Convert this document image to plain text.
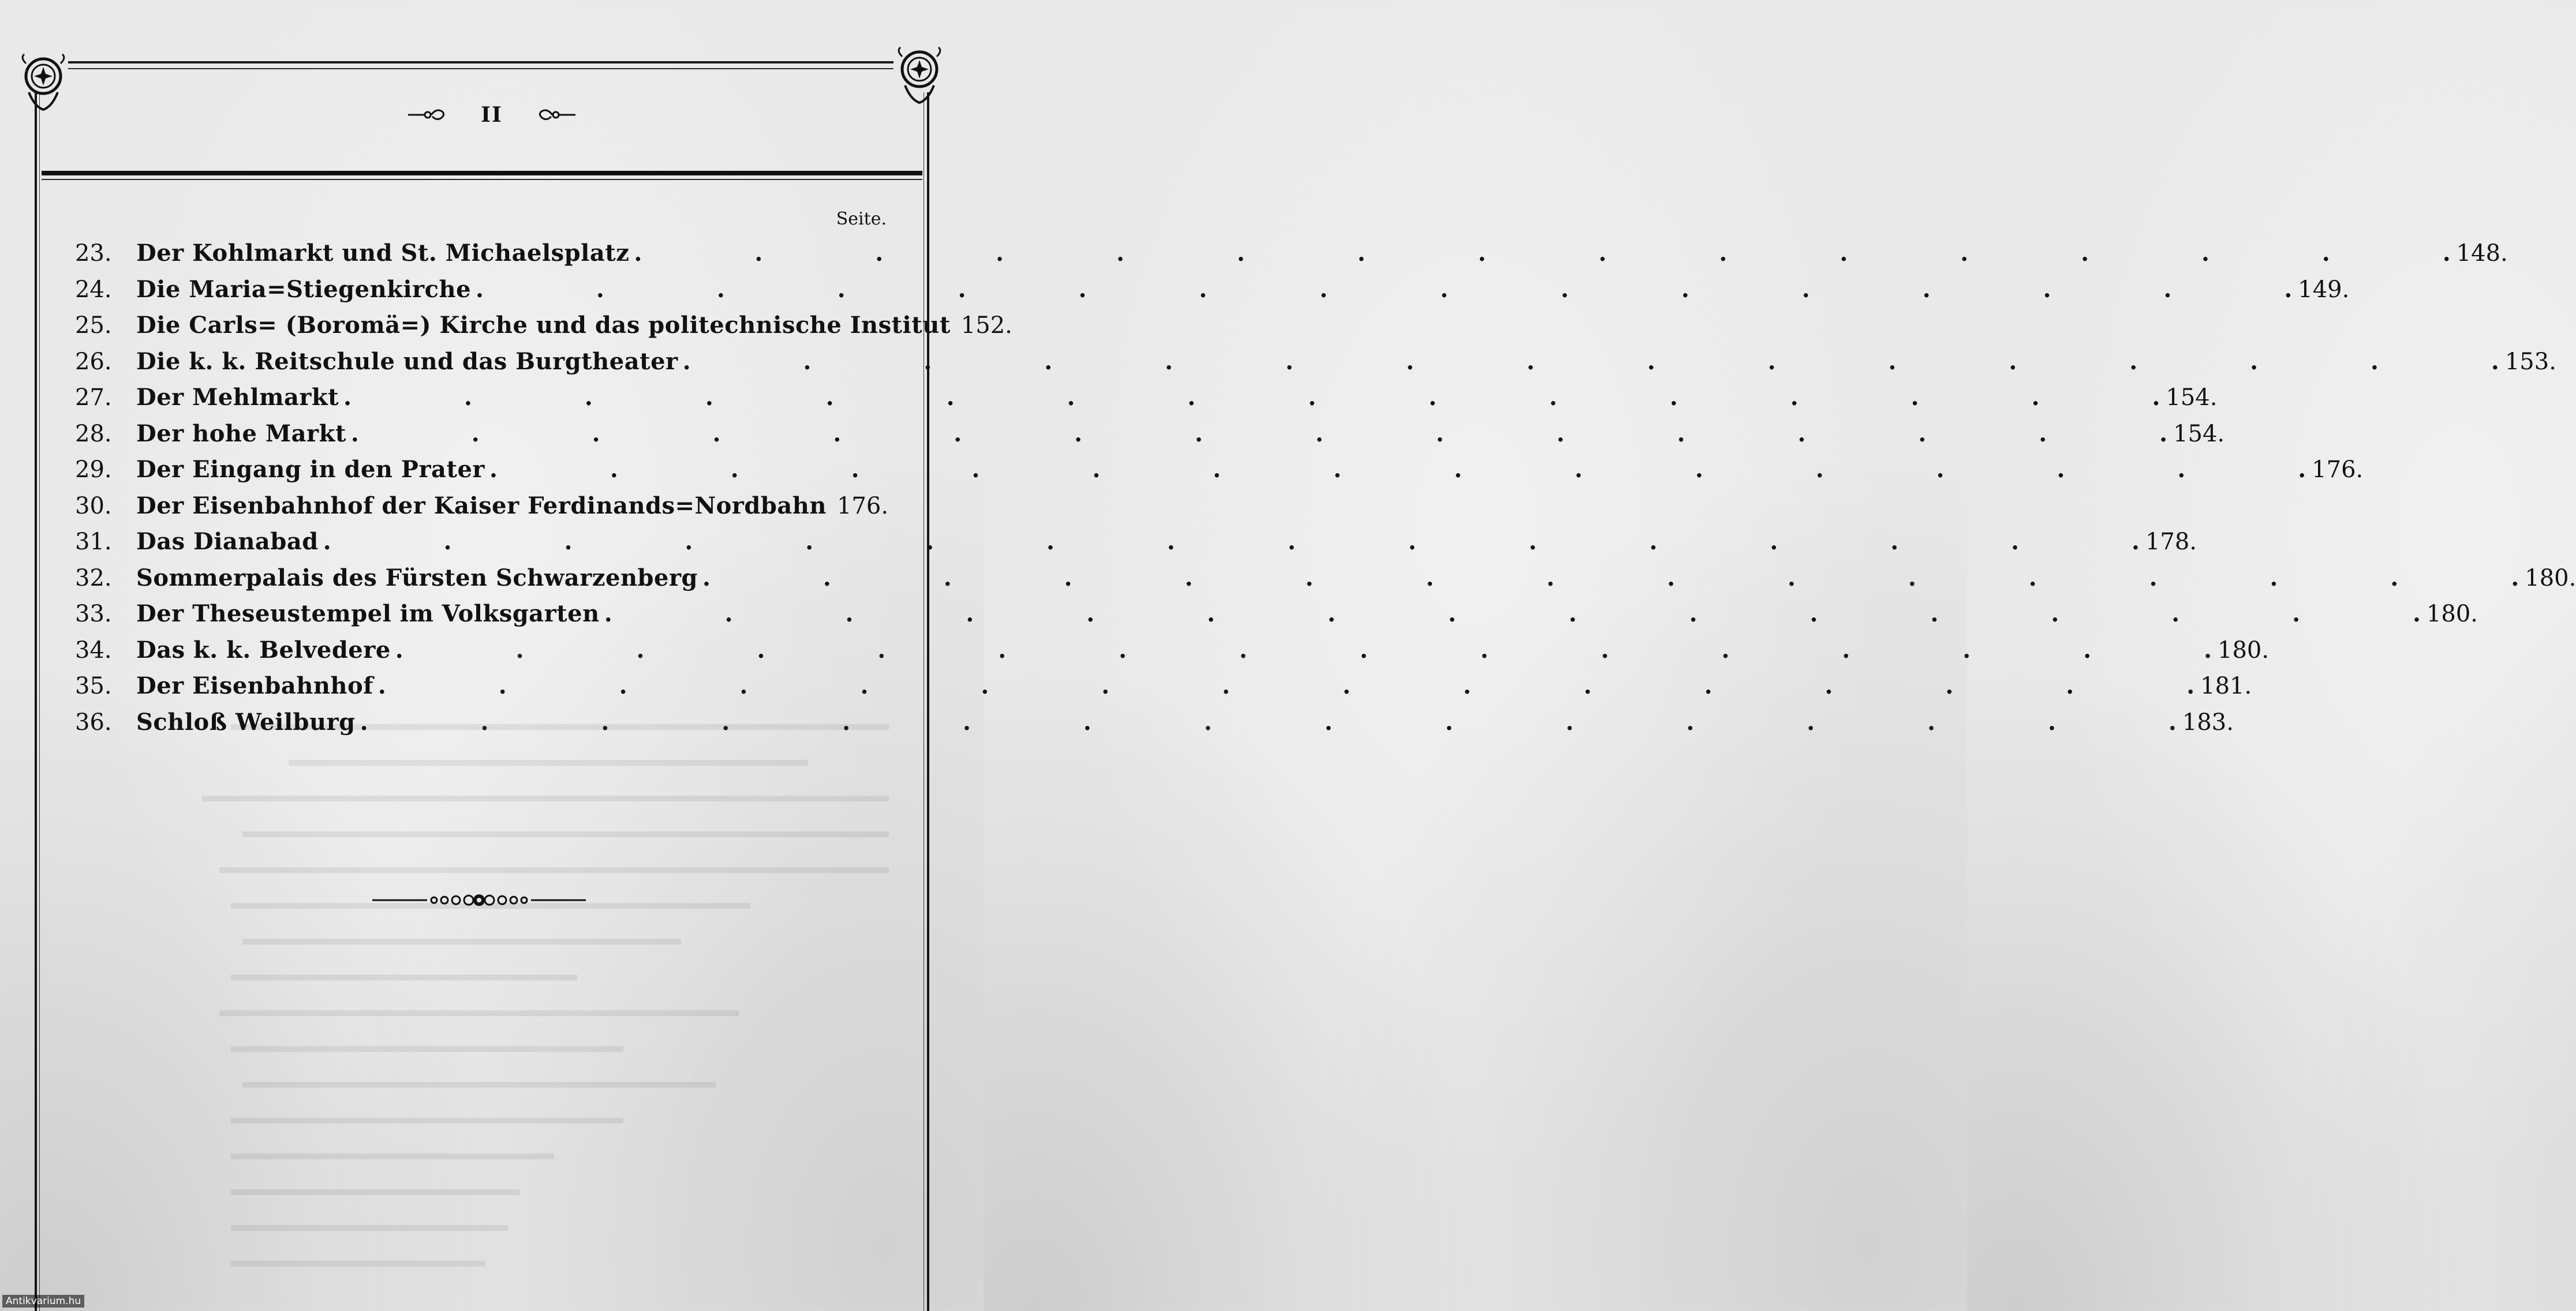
II
Seite.
23.	Der Kohlmarkt und St. Michaelsplatz .	148.
24.	Die Maria=Stiegenkirche .	149.
25.	Die Carls= (Boromä=) Kirche und das politechnische Institut 152.
26.	Die k. k. Reitschule und das Burgtheater .	153.
27.	Der Mehlmarkt .	154.
28.	Der hohe Markt .	154.
29.	Der Eingang in den Prater .	176.
30.	Der Eisenbahnhof der Kaiser Ferdinands=Nordbahn . 176.
31.	Das Dianabad .	178.
32.	Sommerpalais des Fürsten Schwarzenberg .	180.
33.	Der Theseustempel im Volksgarten .	180.
34.	Das k. k. Belvedere .	180.
35.	Der Eisenbahnhof .	181.
36.	Schloß Weilburg .	183.
Antikvarium.hu
